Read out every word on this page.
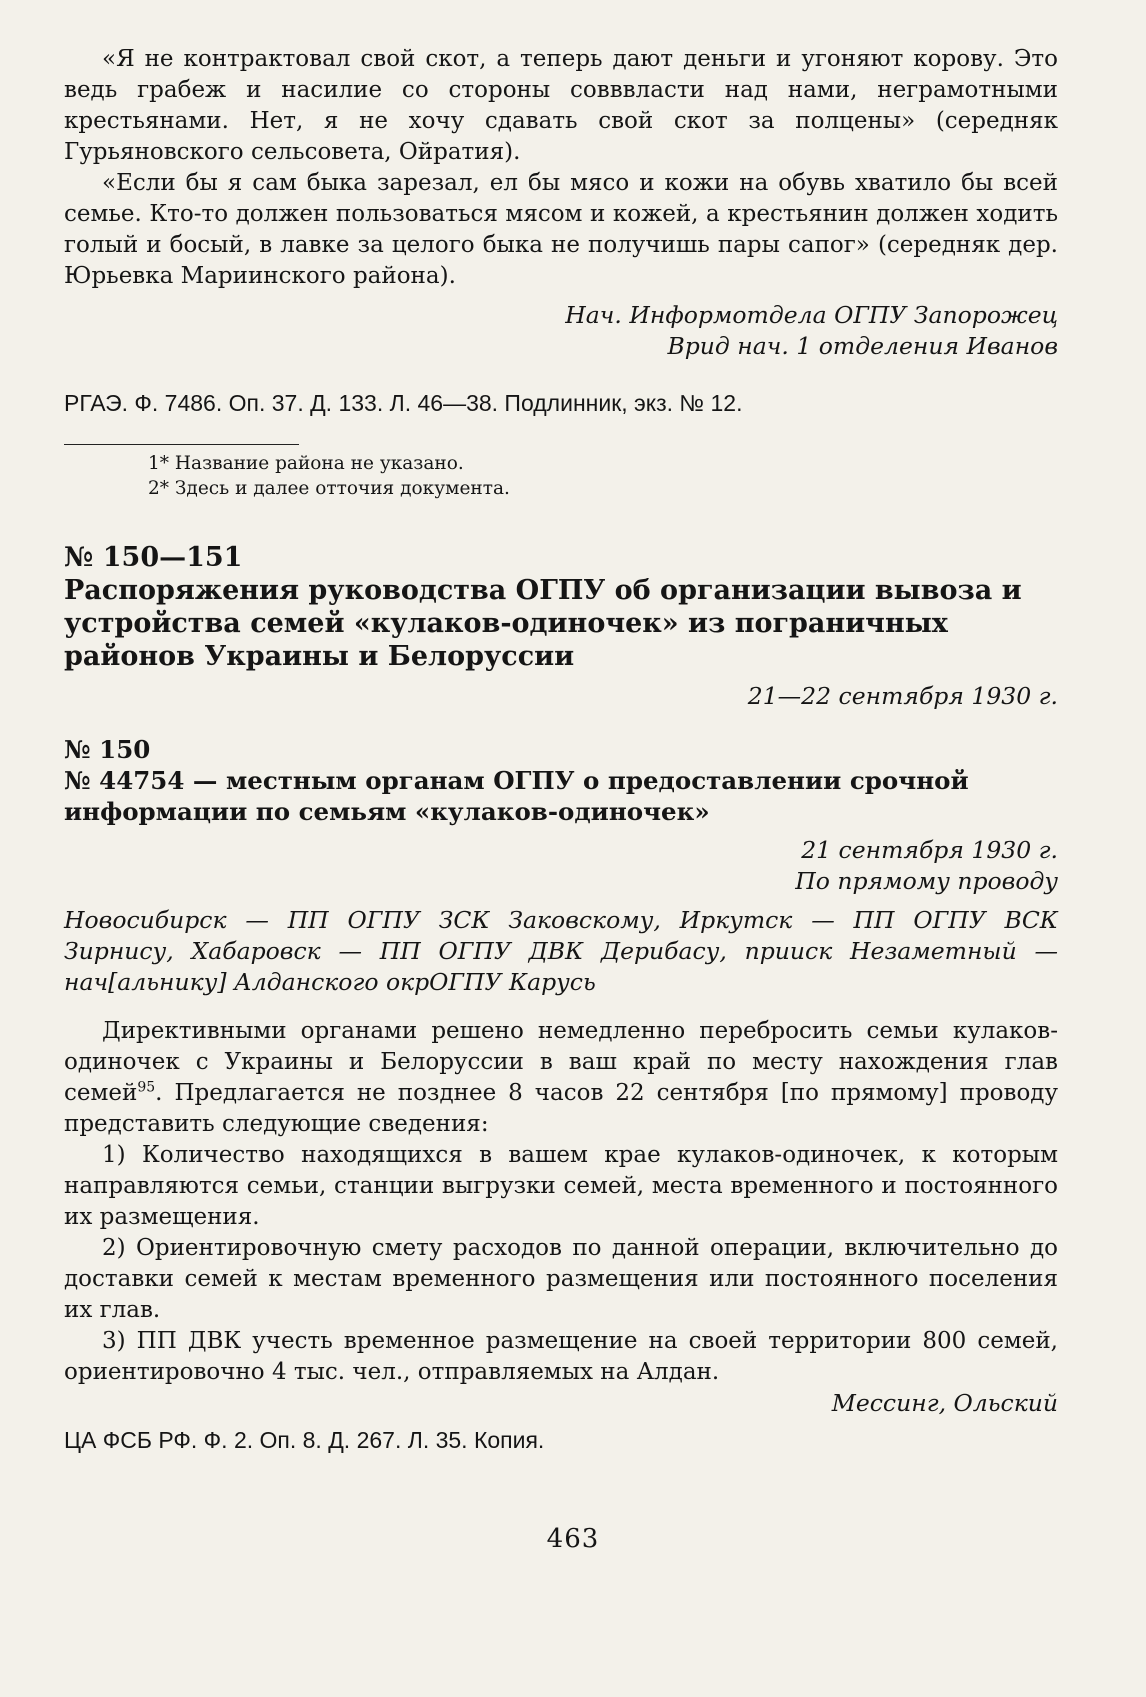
«Я не контрактовал свой скот, а теперь дают деньги и угоняют корову. Это ведь грабеж и насилие со стороны совввласти над нами, неграмотными крестьянами. Нет, я не хочу сдавать свой скот за полцены» (середняк Гурьяновского сельсовета, Ойратия).

«Если бы я сам быка зарезал, ел бы мясо и кожи на обувь хватило бы всей семье. Кто-то должен пользоваться мясом и кожей, а крестьянин должен ходить голый и босый, в лавке за целого быка не получишь пары сапог» (середняк дер. Юрьевка Мариинского района).

Нач. Информотдела ОГПУ Запорожец

Врид нач. 1 отделения Иванов

РГАЭ. Ф. 7486. Оп. 37. Д. 133. Л. 46—38. Подлинник, экз. № 12.

1* Название района не указано.

2* Здесь и далее отточия документа.

№ 150—151

Распоряжения руководства ОГПУ об организации вывоза и устройства семей «кулаков-одиночек» из пограничных районов Украины и Белоруссии

21—22 сентября 1930 г.

№ 150

№ 44754 — местным органам ОГПУ о предоставлении срочной информации по семьям «кулаков-одиночек»

21 сентября 1930 г.

По прямому проводу

Новосибирск — ПП ОГПУ ЗСК Заковскому, Иркутск — ПП ОГПУ ВСК Зирнису, Хабаровск — ПП ОГПУ ДВК Дерибасу, прииск Незаметный — нач[альнику] Алданского окрОГПУ Карусь

Директивными органами решено немедленно перебросить семьи кулаков-одиночек с Украины и Белоруссии в ваш край по месту нахождения глав семей$^{95}$. Предлагается не позднее 8 часов 22 сентября [по прямому] проводу представить следующие сведения:

1) Количество находящихся в вашем крае кулаков-одиночек, к которым направляются семьи, станции выгрузки семей, места временного и постоянного их размещения.

2) Ориентировочную смету расходов по данной операции, включительно до доставки семей к местам временного размещения или постоянного поселения их глав.

3) ПП ДВК учесть временное размещение на своей территории 800 семей, ориентировочно 4 тыс. чел., отправляемых на Алдан.

Мессинг, Ольский

ЦА ФСБ РФ. Ф. 2. Оп. 8. Д. 267. Л. 35. Копия.

463
